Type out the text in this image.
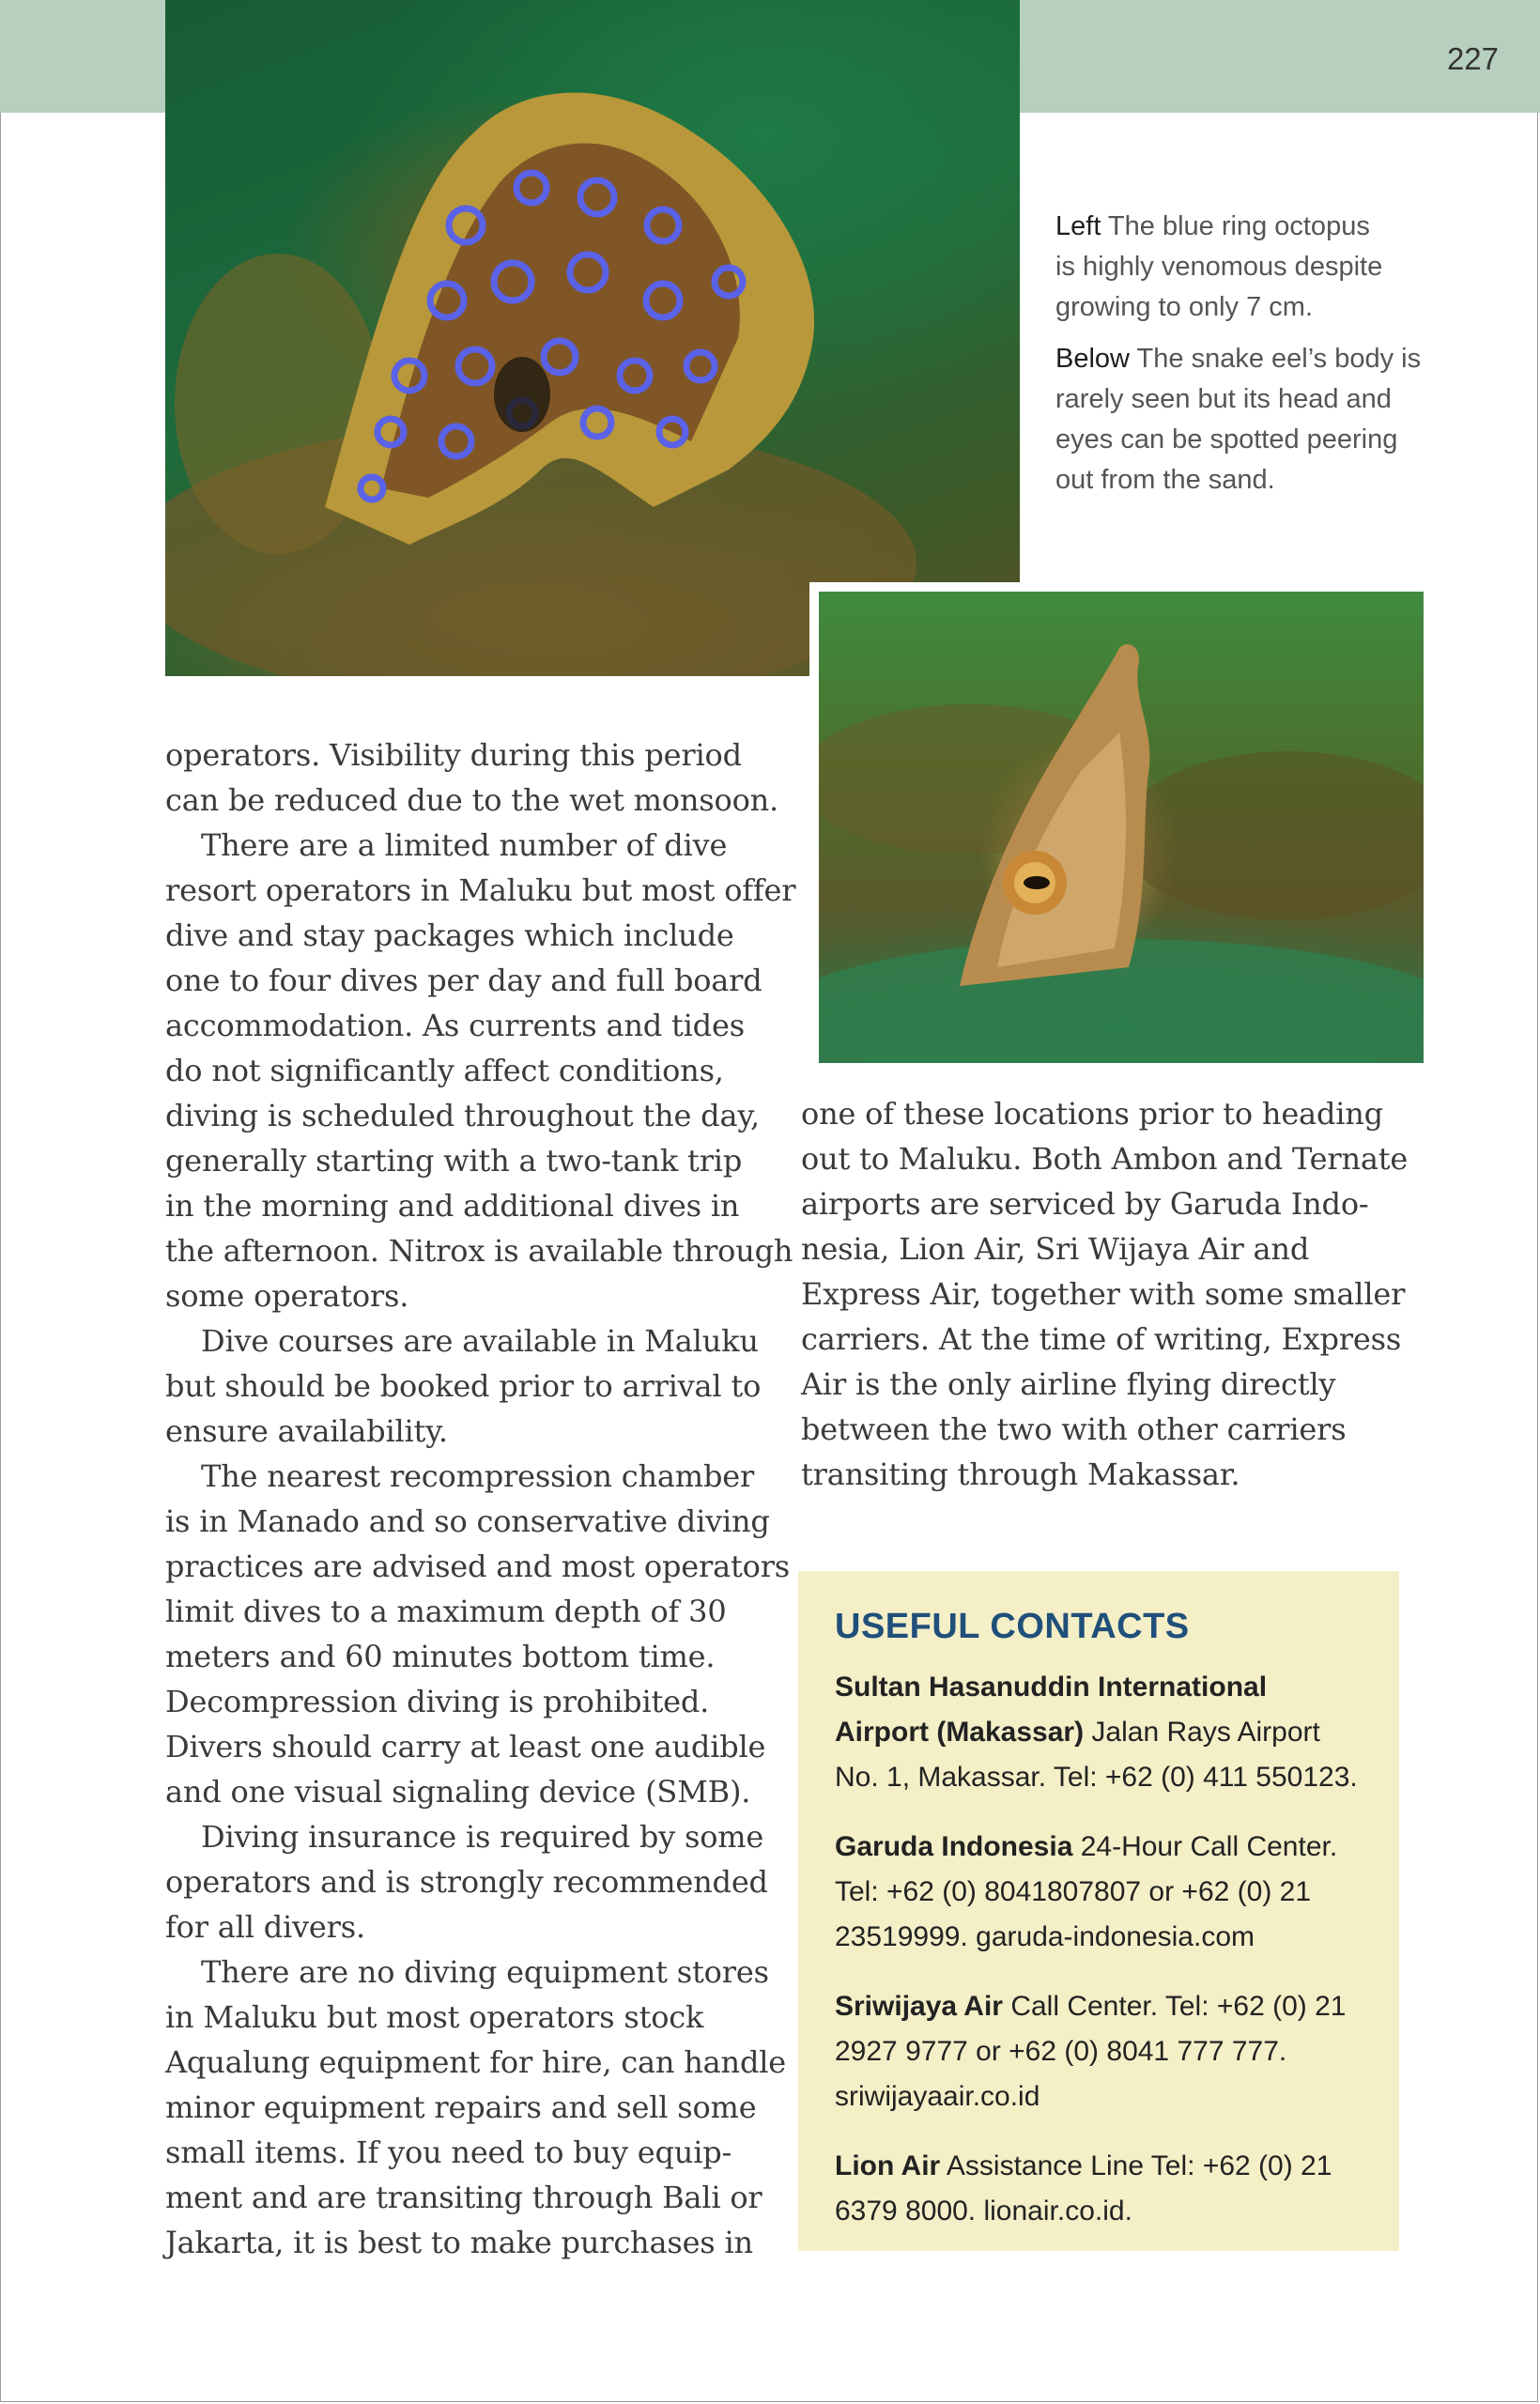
227

Left The blue ring octopus
is highly venomous despite
growing to only 7 cm.

Below The snake eel’s body is
rarely seen but its head and
eyes can be spotted peering
out from the sand.

operators. Visibility during this period
can be reduced due to the wet monsoon.
There are a limited number of dive
resort operators in Maluku but most offer
dive and stay packages which include
one to four dives per day and full board
accommodation. As currents and tides
do not significantly affect conditions,
diving is scheduled throughout the day,
generally starting with a two-tank trip
in the morning and additional dives in
the afternoon. Nitrox is available through
some operators.
Dive courses are available in Maluku
but should be booked prior to arrival to
ensure availability.
The nearest recompression chamber
is in Manado and so conservative diving
practices are advised and most operators
limit dives to a maximum depth of 30
meters and 60 minutes bottom time.
Decompression diving is prohibited.
Divers should carry at least one audible
and one visual signaling device (SMB).
Diving insurance is required by some
operators and is strongly recommended
for all divers.
There are no diving equipment stores
in Maluku but most operators stock
Aqualung equipment for hire, can handle
minor equipment repairs and sell some
small items. If you need to buy equip-
ment and are transiting through Bali or
Jakarta, it is best to make purchases in
one of these locations prior to heading
out to Maluku. Both Ambon and Ternate
airports are serviced by Garuda Indo-
nesia, Lion Air, Sri Wijaya Air and
Express Air, together with some smaller
carriers. At the time of writing, Express
Air is the only airline flying directly
between the two with other carriers
transiting through Makassar.
USEFUL CONTACTS
Sultan Hasanuddin International
Airport (Makassar) Jalan Rays Airport
No. 1, Makassar. Tel: +62 (0) 411 550123.
Garuda Indonesia 24-Hour Call Center.
Tel: +62 (0) 8041807807 or +62 (0) 21
23519999. garuda-indonesia.com
Sriwijaya Air Call Center. Tel: +62 (0) 21
2927 9777 or +62 (0) 8041 777 777.
sriwijayaair.co.id
Lion Air Assistance Line Tel: +62 (0) 21
6379 8000. lionair.co.id.
